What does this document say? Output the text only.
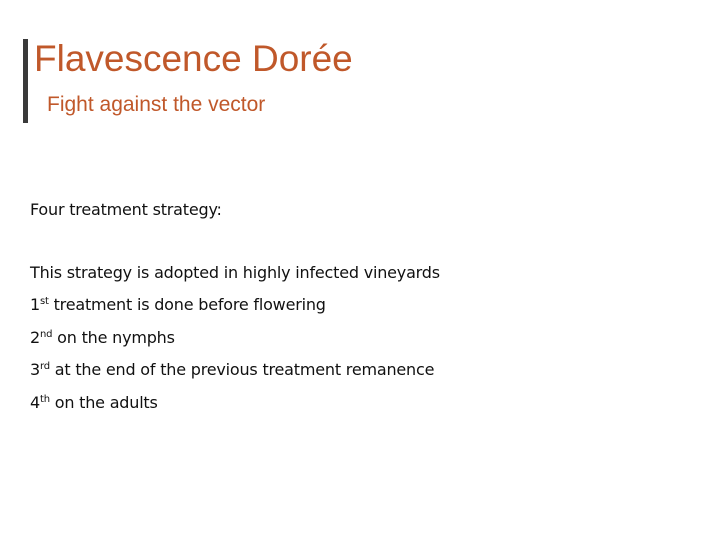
Flavescence Dorée
Fight against the vector
Four treatment strategy:
This strategy is adopted in highly infected vineyards
1st treatment is done before flowering
2nd on the nymphs
3rd at the end of the previous treatment remanence
4th on the adults
